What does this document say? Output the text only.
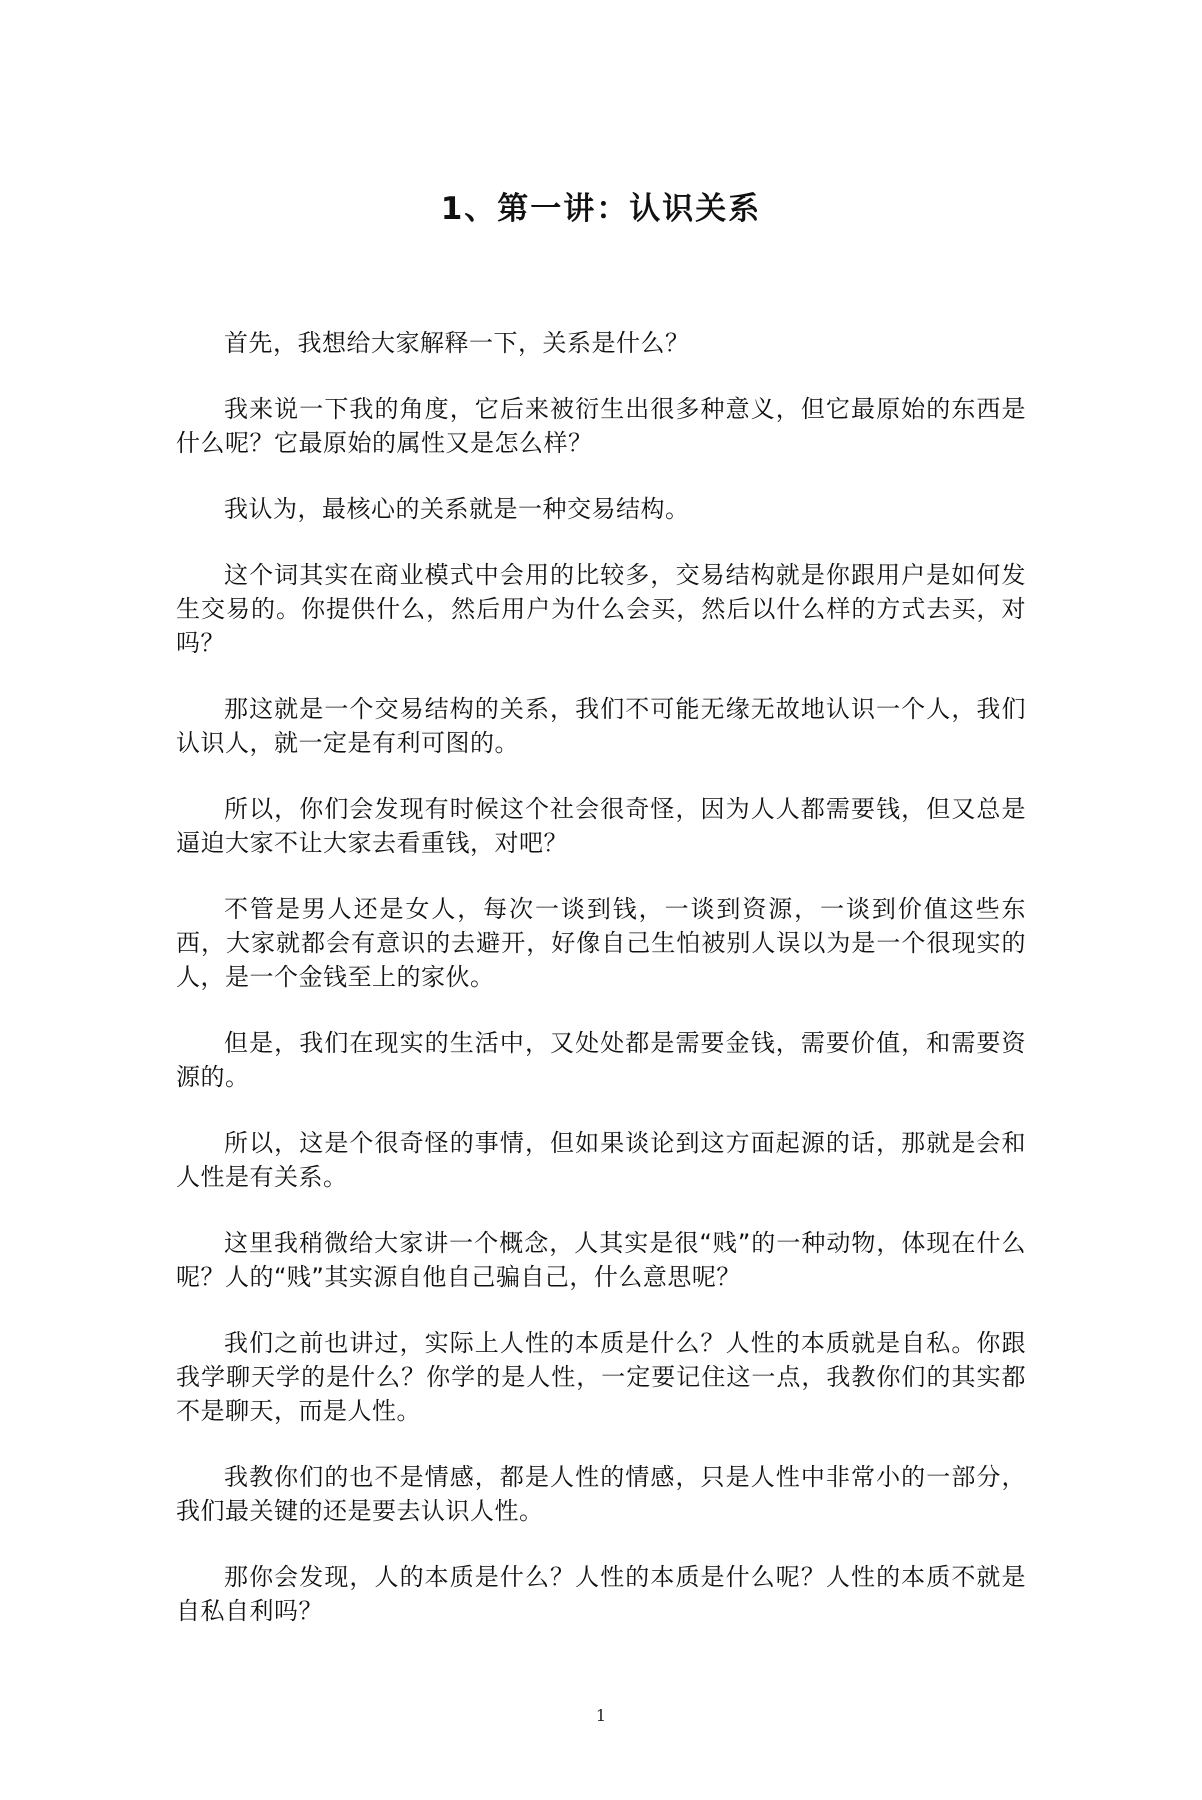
1、第一讲：认识关系

首先，我想给大家解释一下，关系是什么？

我来说一下我的角度，它后来被衍生出很多种意义，但它最原始的东西是什么呢？它最原始的属性又是怎么样？

我认为，最核心的关系就是一种交易结构。

这个词其实在商业模式中会用的比较多，交易结构就是你跟用户是如何发生交易的。你提供什么，然后用户为什么会买，然后以什么样的方式去买，对吗？

那这就是一个交易结构的关系，我们不可能无缘无故地认识一个人，我们认识人，就一定是有利可图的。

所以，你们会发现有时候这个社会很奇怪，因为人人都需要钱，但又总是逼迫大家不让大家去看重钱，对吧？

不管是男人还是女人，每次一谈到钱，一谈到资源，一谈到价值这些东西，大家就都会有意识的去避开，好像自己生怕被别人误以为是一个很现实的人，是一个金钱至上的家伙。

但是，我们在现实的生活中，又处处都是需要金钱，需要价值，和需要资源的。

所以，这是个很奇怪的事情，但如果谈论到这方面起源的话，那就是会和人性是有关系。

这里我稍微给大家讲一个概念，人其实是很“贱”的一种动物，体现在什么呢？人的“贱”其实源自他自己骗自己，什么意思呢？

我们之前也讲过，实际上人性的本质是什么？人性的本质就是自私。你跟我学聊天学的是什么？你学的是人性，一定要记住这一点，我教你们的其实都不是聊天，而是人性。

我教你们的也不是情感，都是人性的情感，只是人性中非常小的一部分，我们最关键的还是要去认识人性。

那你会发现，人的本质是什么？人性的本质是什么呢？人性的本质不就是自私自利吗？

1
